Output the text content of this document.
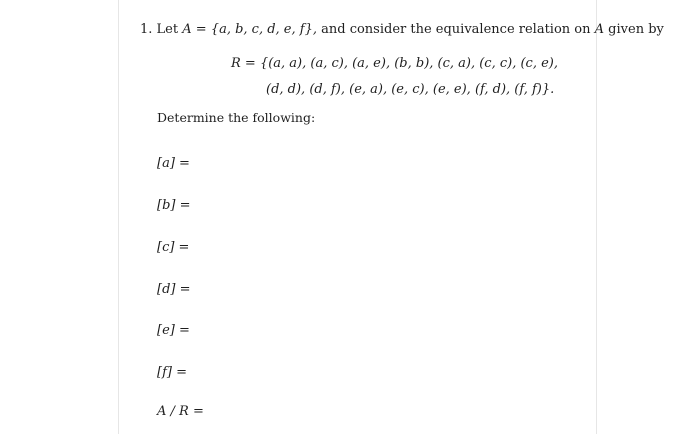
1. Let A = {a, b, c, d, e, f}, and consider the equivalence relation on A given by
R = {(a, a), (a, c), (a, e), (b, b), (c, a), (c, c), (c, e),
(d, d), (d, f), (e, a), (e, c), (e, e), (f, d), (f, f)}.
Determine the following:
[a] =
[b] =
[c] =
[d] =
[e] =
[f] =
A / R =
